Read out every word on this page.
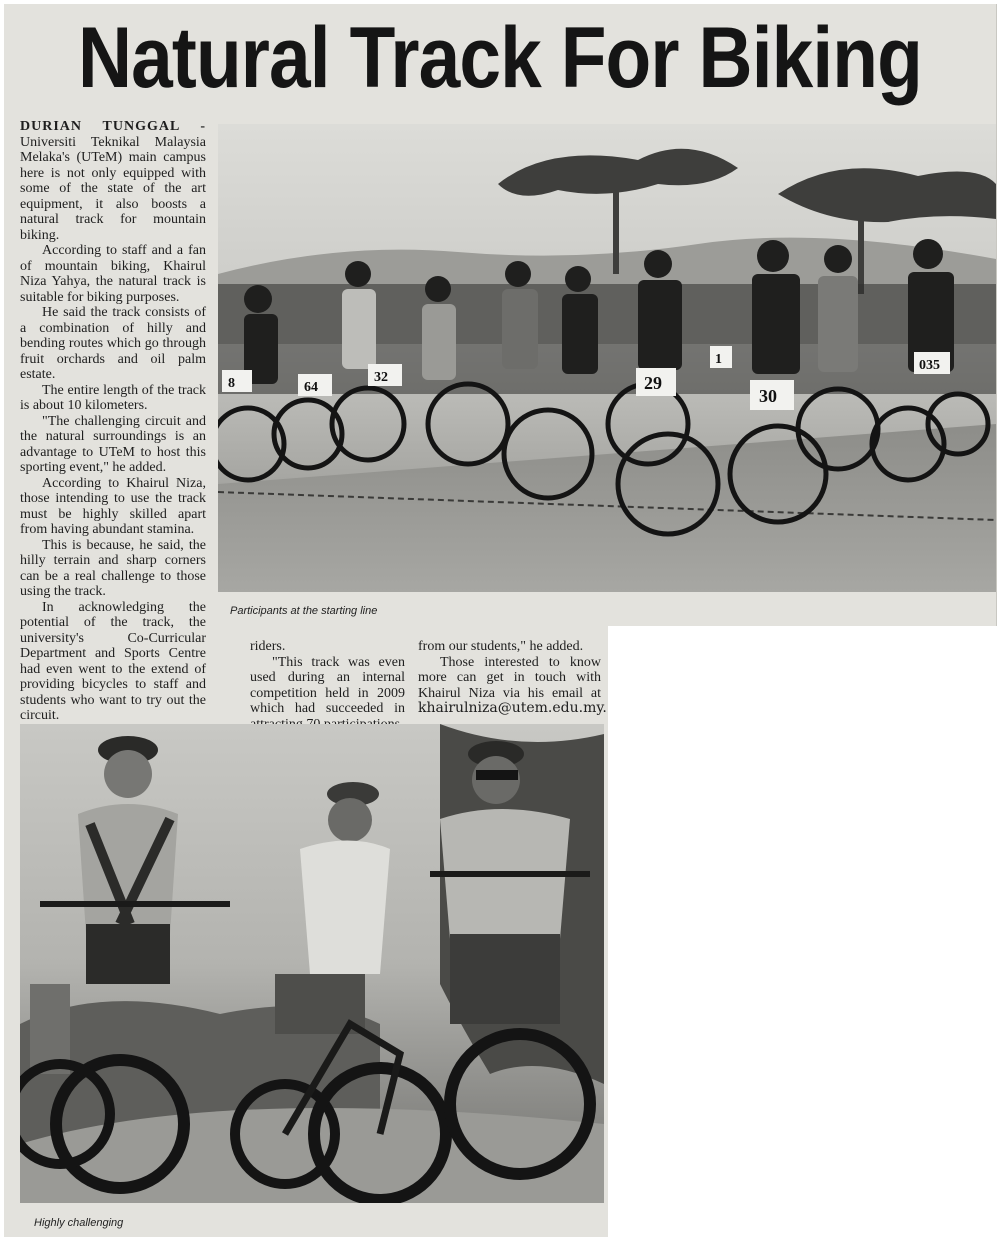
Natural Track For Biking
8	64
32	29
30
035
1
Participants at the starting line

DURIAN TUNGGAL - Universiti Teknikal Malaysia Melaka's (UTeM) main campus here is not only equipped with some of the state of the art equipment, it also boosts a natural track for mountain biking.

According to staff and a fan of mountain biking, Khairul Niza Yahya, the natural track is suitable for biking purposes.

He said the track consists of a combination of hilly and bending routes which go through fruit orchards and oil palm estate.

The entire length of the track is about 10 kilometers.

"The challenging circuit and the natural surroundings is an advantage to UTeM to host this sporting event," he added.

According to Khairul Niza, those intending to use the track must be highly skilled apart from having abundant stamina.

This is because, he said, the hilly terrain and sharp corners can be a real challenge to those using the track.

In acknowledging the potential of the track, the university's Co-Curricular Department and Sports Centre had even went to the extend of providing bicycles to staff and students who want to try out the circuit.

riders.

"This track was even used during an internal competition held in 2009 which had succeeded in

from our students," he added.

Those interested to know more can get in touch with Khairul Niza via his email at khairulniza@utem.edu.my.

Highly challenging
